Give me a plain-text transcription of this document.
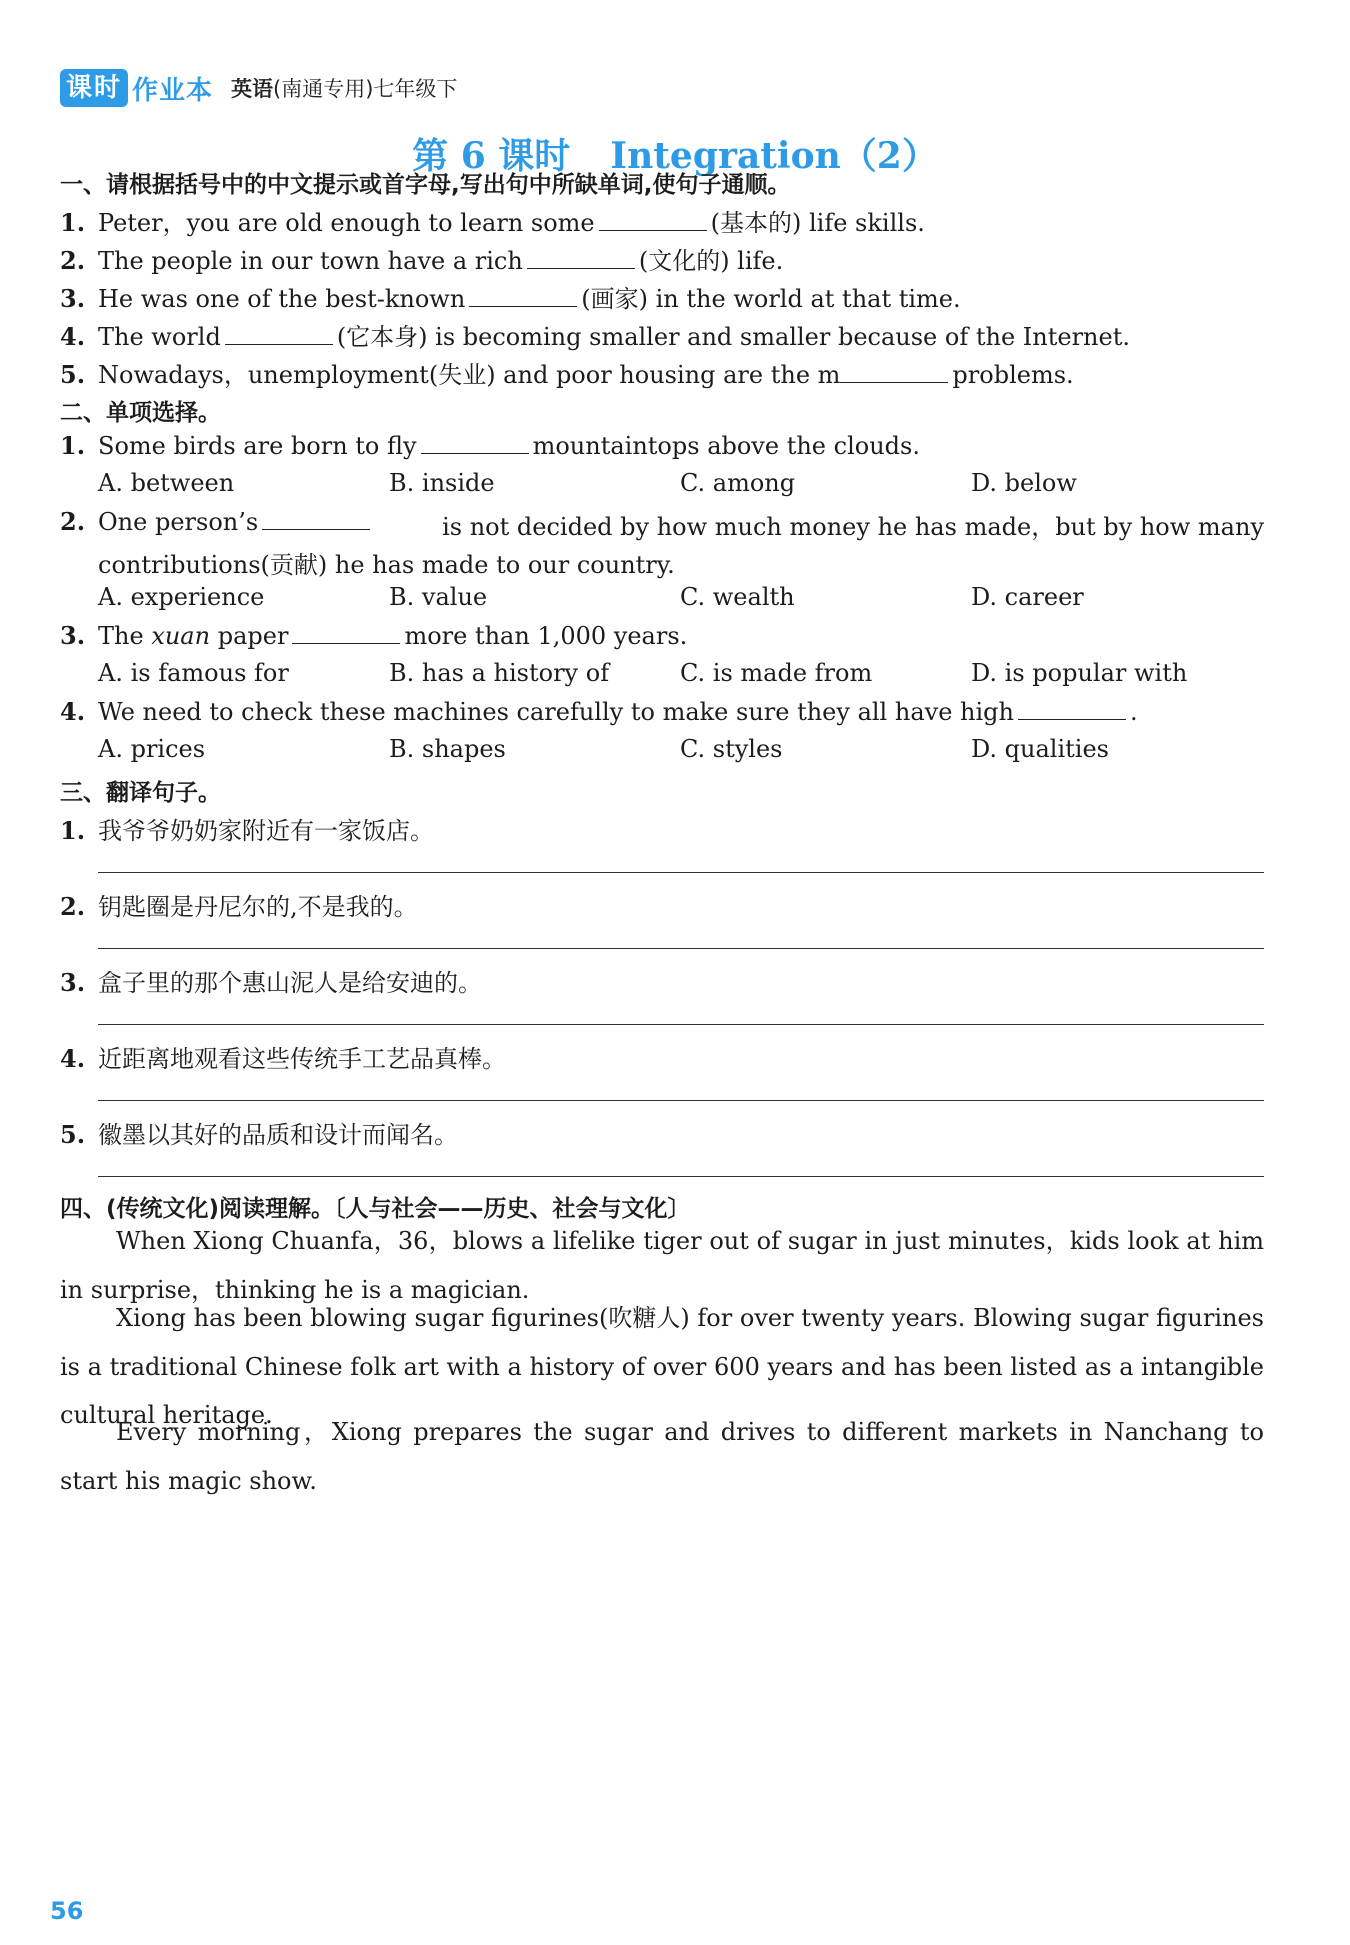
课时 作业本 英语(南通专用)七年级下
第 6 课时 Integration（2）
一、请根据括号中的中文提示或首字母,写出句中所缺单词,使句子通顺。
1. Peter，you are old enough to learn some	(基本的) life skills.
2. The people in our town have a rich	(文化的) life.
3. He was one of the best-known	(画家) in the world at that time.
4. The world	(它本身) is becoming smaller and smaller because of the Internet.
5. Nowadays，unemployment(失业) and poor housing are the m	problems.
二、单项选择。
1. Some birds are born to fly	mountaintops above the clouds.
A. between	B. inside	C. among	D. below
2. One person’s	is not decided by how much money he has made，but by how many
contributions(贡献) he has made to our country.
A. experience	B. value	C. wealth	D. career
3. The xuan paper	more than 1,000 years.
A. is famous for	B. has a history of	C. is made from	D. is popular with
4. We need to check these machines carefully to make sure they all have high	.
A. prices	B. shapes	C. styles	D. qualities
三、翻译句子。
1. 我爷爷奶奶家附近有一家饭店。
2. 钥匙圈是丹尼尔的,不是我的。
3. 盒子里的那个惠山泥人是给安迪的。
4. 近距离地观看这些传统手工艺品真棒。
5. 徽墨以其好的品质和设计而闻名。
四、(传统文化)阅读理解。〔人与社会——历史、社会与文化〕
When Xiong Chuanfa，36，blows a lifelike tiger out of sugar in just minutes，kids look at him in surprise，thinking he is a magician.
Xiong has been blowing sugar figurines(吹糖人) for over twenty years. Blowing sugar figurines is a traditional Chinese folk art with a history of over 600 years and has been listed as a intangible cultural heritage.
Every morning，Xiong prepares the sugar and drives to different markets in Nanchang to start his magic show.
56
